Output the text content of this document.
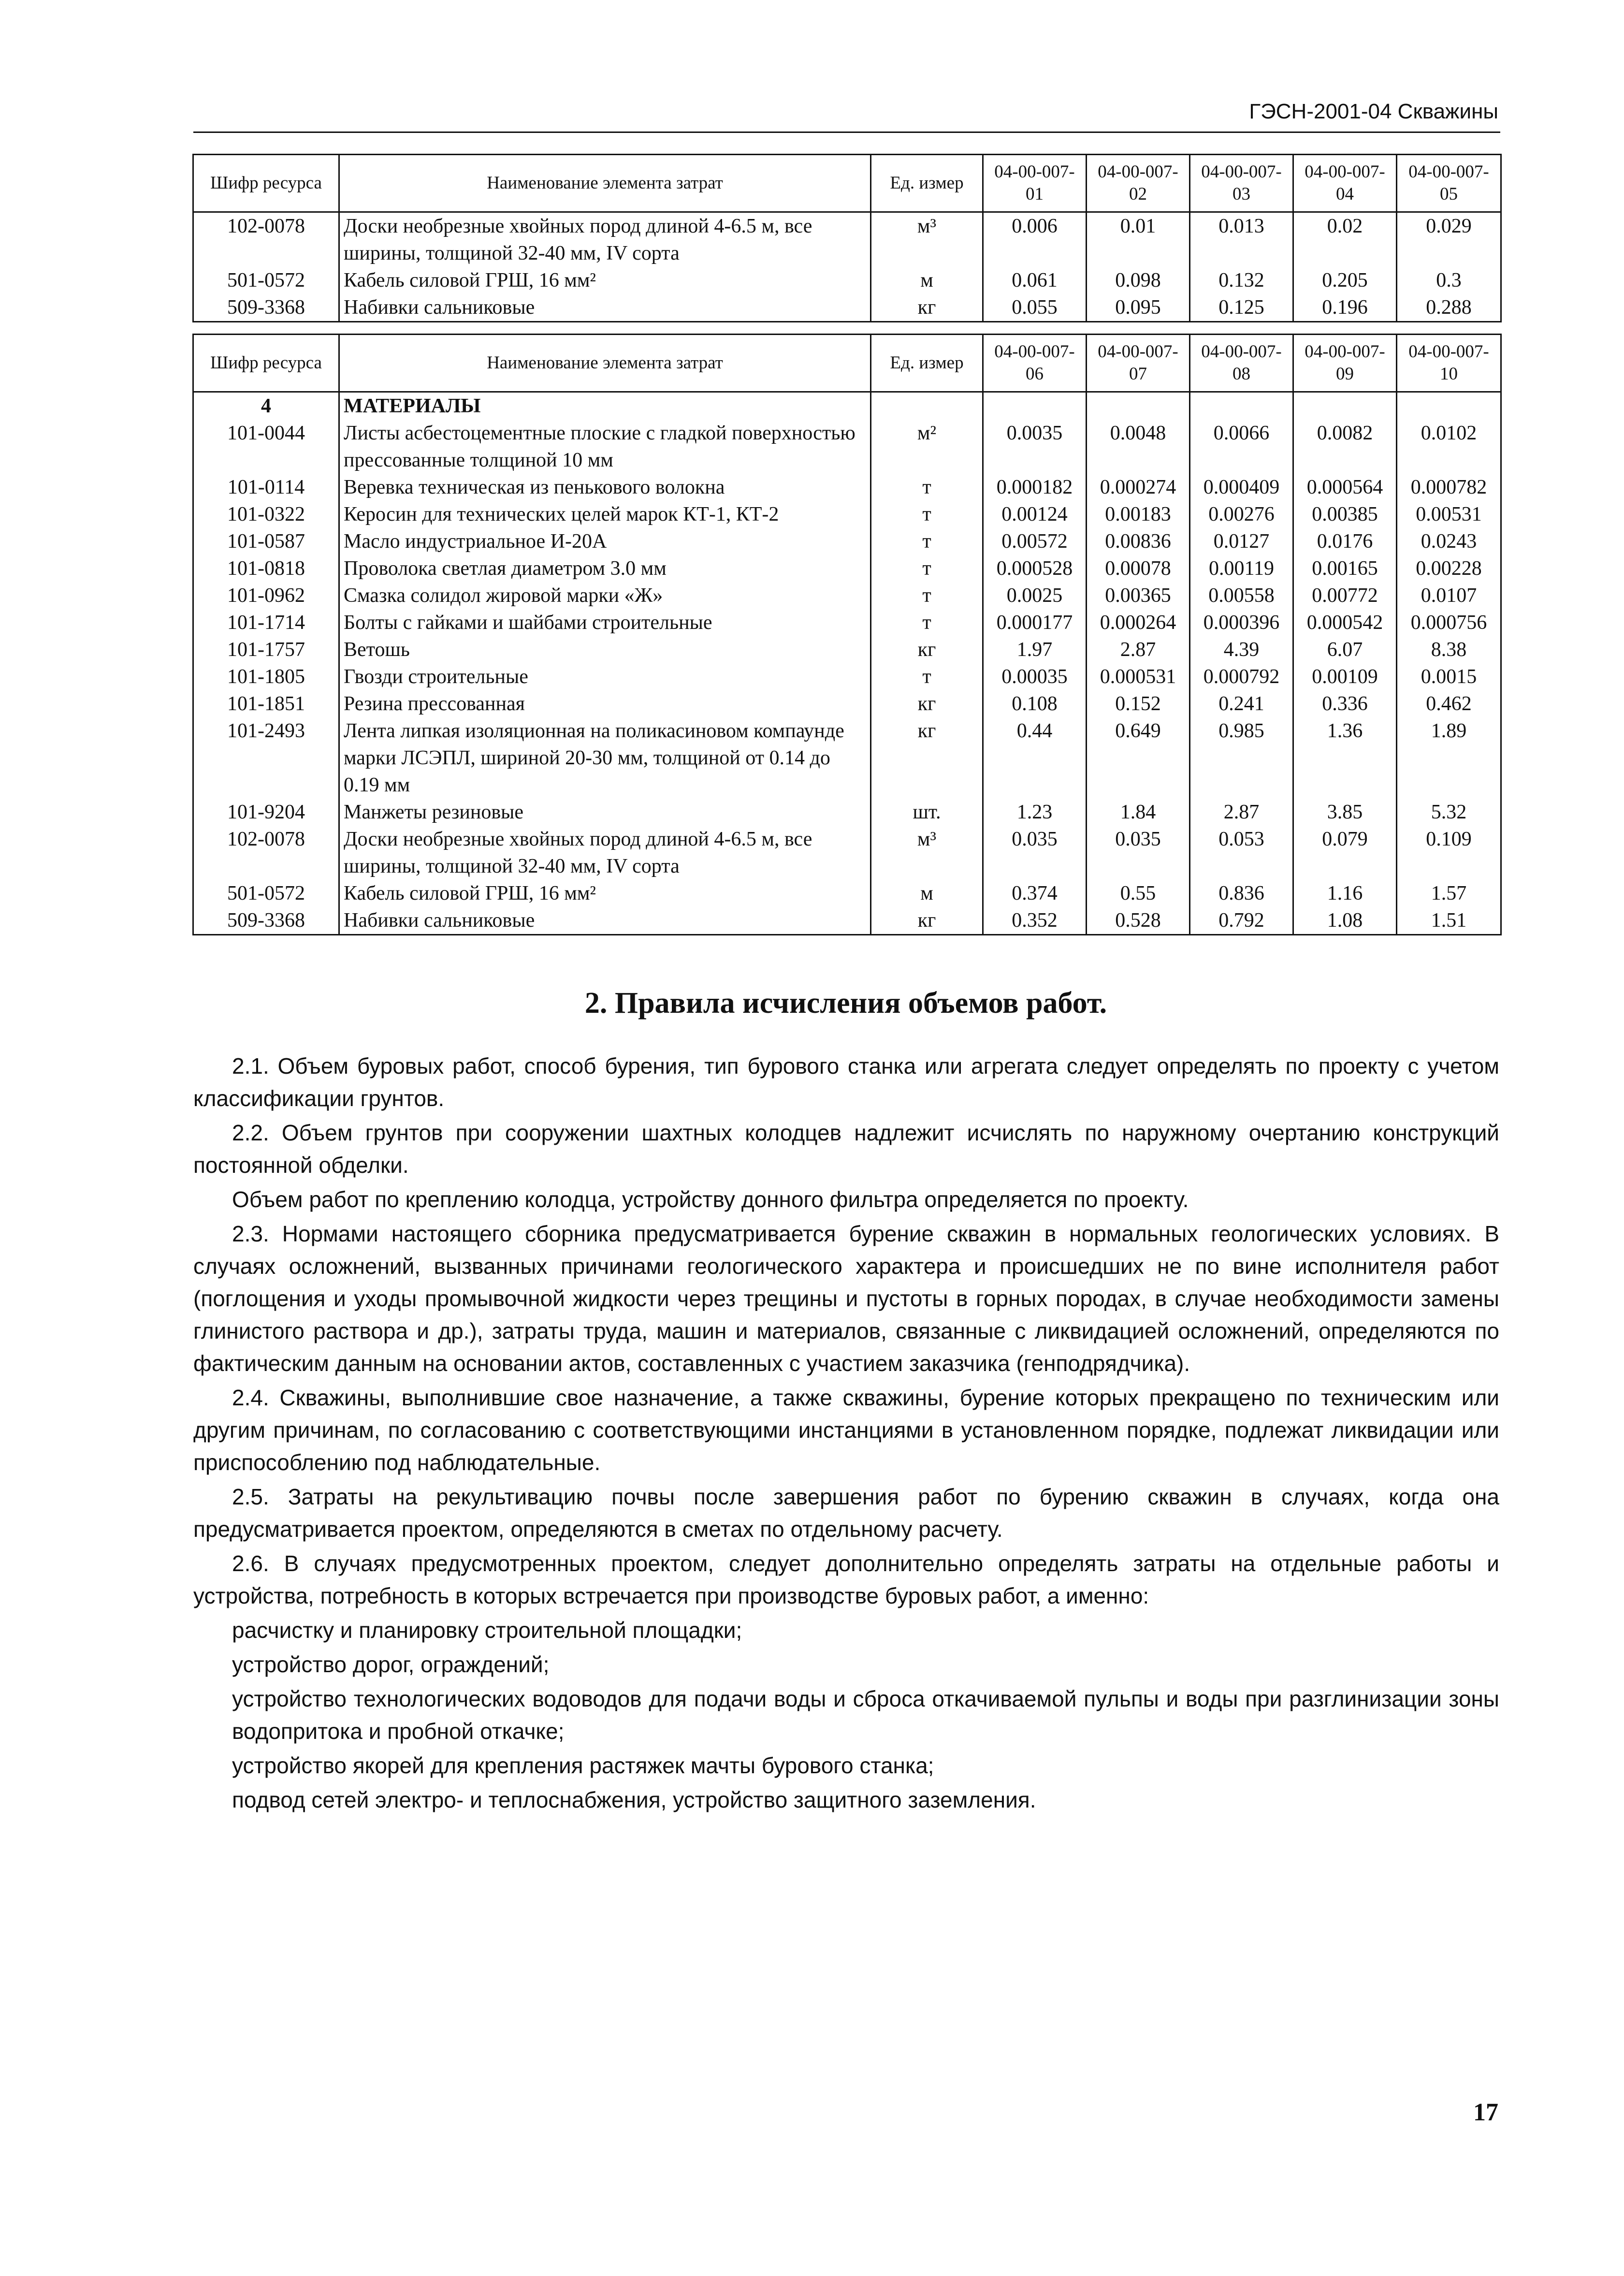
ГЭСН-2001-04 Скважины
Шифр ресурса	Наименование элемента затрат	Ед. измер	04-00-007-01	04-00-007-02	04-00-007-03	04-00-007-04	04-00-007-05
102-0078	Доски необрезные хвойных пород длиной 4-6.5 м, все ширины, толщиной 32-40 мм, IV сорта	м³	0.006	0.01	0.013	0.02	0.029
501-0572	Кабель силовой ГРШ, 16 мм²	м	0.061	0.098	0.132	0.205	0.3
509-3368	Набивки сальниковые	кг	0.055	0.095	0.125	0.196	0.288
Шифр ресурса	Наименование элемента затрат	Ед. измер	04-00-007-06	04-00-007-07	04-00-007-08	04-00-007-09	04-00-007-10
4	МАТЕРИАЛЫ						
101-0044	Листы асбестоцементные плоские с гладкой поверхностью прессованные толщиной 10 мм	м²	0.0035	0.0048	0.0066	0.0082	0.0102
101-0114	Веревка техническая из пенькового волокна	т	0.000182	0.000274	0.000409	0.000564	0.000782
101-0322	Керосин для технических целей марок КТ-1, КТ-2	т	0.00124	0.00183	0.00276	0.00385	0.00531
101-0587	Масло индустриальное И-20А	т	0.00572	0.00836	0.0127	0.0176	0.0243
101-0818	Проволока светлая диаметром 3.0 мм	т	0.000528	0.00078	0.00119	0.00165	0.00228
101-0962	Смазка солидол жировой марки «Ж»	т	0.0025	0.00365	0.00558	0.00772	0.0107
101-1714	Болты с гайками и шайбами строительные	т	0.000177	0.000264	0.000396	0.000542	0.000756
101-1757	Ветошь	кг	1.97	2.87	4.39	6.07	8.38
101-1805	Гвозди строительные	т	0.00035	0.000531	0.000792	0.00109	0.0015
101-1851	Резина прессованная	кг	0.108	0.152	0.241	0.336	0.462
101-2493	Лента липкая изоляционная на поликасиновом компаунде марки ЛСЭПЛ, шириной 20-30 мм, толщиной от 0.14 до 0.19 мм	кг	0.44	0.649	0.985	1.36	1.89
101-9204	Манжеты резиновые	шт.	1.23	1.84	2.87	3.85	5.32
102-0078	Доски необрезные хвойных пород длиной 4-6.5 м, все ширины, толщиной 32-40 мм, IV сорта	м³	0.035	0.035	0.053	0.079	0.109
501-0572	Кабель силовой ГРШ, 16 мм²	м	0.374	0.55	0.836	1.16	1.57
509-3368	Набивки сальниковые	кг	0.352	0.528	0.792	1.08	1.51
2. Правила исчисления объемов работ.

2.1. Объем буровых работ, способ бурения, тип бурового станка или агрегата следует определять по проекту с учетом классификации грунтов.

2.2. Объем грунтов при сооружении шахтных колодцев надлежит исчислять по наружному очертанию конструкций постоянной обделки.

Объем работ по креплению колодца, устройству донного фильтра определяется по проекту.

2.3. Нормами настоящего сборника предусматривается бурение скважин в нормальных геологических условиях. В случаях осложнений, вызванных причинами геологического характера и происшедших не по вине исполнителя работ (поглощения и уходы промывочной жидкости через трещины и пустоты в горных породах, в случае необходимости замены глинистого раствора и др.), затраты труда, машин и материалов, связанные с ликвидацией осложнений, определяются по фактическим данным на основании актов, составленных с участием заказчика (генподрядчика).

2.4. Скважины, выполнившие свое назначение, а также скважины, бурение которых прекращено по техническим или другим причинам, по согласованию с соответствующими инстанциями в установленном порядке, подлежат ликвидации или приспособлению под наблюдательные.

2.5. Затраты на рекультивацию почвы после завершения работ по бурению скважин в случаях, когда она предусматривается проектом, определяются в сметах по отдельному расчету.

2.6. В случаях предусмотренных проектом, следует дополнительно определять затраты на отдельные работы и устройства, потребность в которых встречается при производстве буровых работ, а именно:

расчистку и планировку строительной площадки;

устройство дорог, ограждений;

устройство технологических водоводов для подачи воды и сброса откачиваемой пульпы и воды при разглинизации зоны водопритока и пробной откачке;

устройство якорей для крепления растяжек мачты бурового станка;

подвод сетей электро- и теплоснабжения, устройство защитного заземления.

17
